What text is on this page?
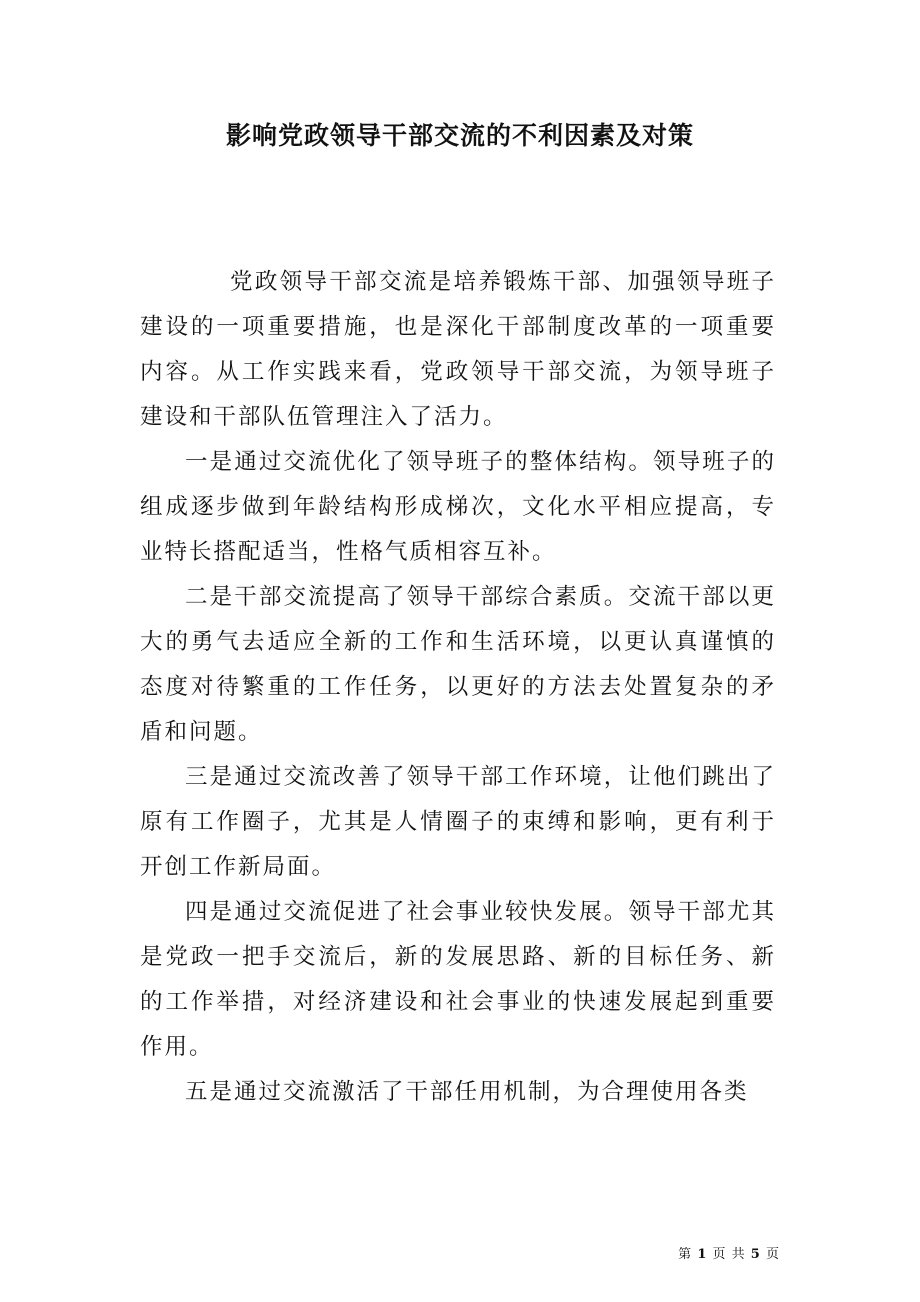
影响党政领导干部交流的不利因素及对策

党政领导干部交流是培养锻炼干部、加强领导班子建设的一项重要措施，也是深化干部制度改革的一项重要内容。从工作实践来看，党政领导干部交流，为领导班子建设和干部队伍管理注入了活力。

一是通过交流优化了领导班子的整体结构。领导班子的组成逐步做到年龄结构形成梯次，文化水平相应提高，专业特长搭配适当，性格气质相容互补。

二是干部交流提高了领导干部综合素质。交流干部以更大的勇气去适应全新的工作和生活环境，以更认真谨慎的态度对待繁重的工作任务，以更好的方法去处置复杂的矛盾和问题。

三是通过交流改善了领导干部工作环境，让他们跳出了原有工作圈子，尤其是人情圈子的束缚和影响，更有利于开创工作新局面。

四是通过交流促进了社会事业较快发展。领导干部尤其是党政一把手交流后，新的发展思路、新的目标任务、新的工作举措，对经济建设和社会事业的快速发展起到重要作用。

五是通过交流激活了干部任用机制，为合理使用各类

第 1 页 共 5 页
